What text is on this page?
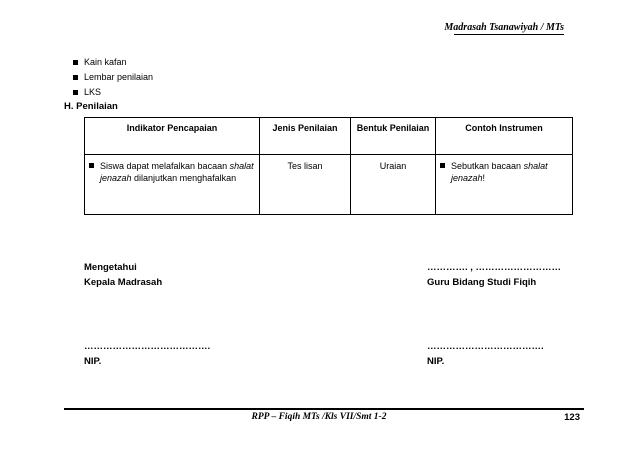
Madrasah Tsanawiyah / MTs
Kain kafan
Lembar penilaian
LKS
H. Penilaian
Indikator Pencapaian	Jenis Penilaian	Bentuk Penilaian	Contoh Instrumen

Siswa dapat melafalkan bacaan shalat jenazah dilanjutkan menghafalkan	Tes lisan	Uraian	Sebutkan bacaan shalat jenazah!
Mengetahui
Kepala Madrasah
…………. , ………………………
Guru Bidang Studi Fiqih
………………………………….
NIP.
……………………………….
NIP.
RPP – Fiqih MTs /Kls VII/Smt 1-2	123
